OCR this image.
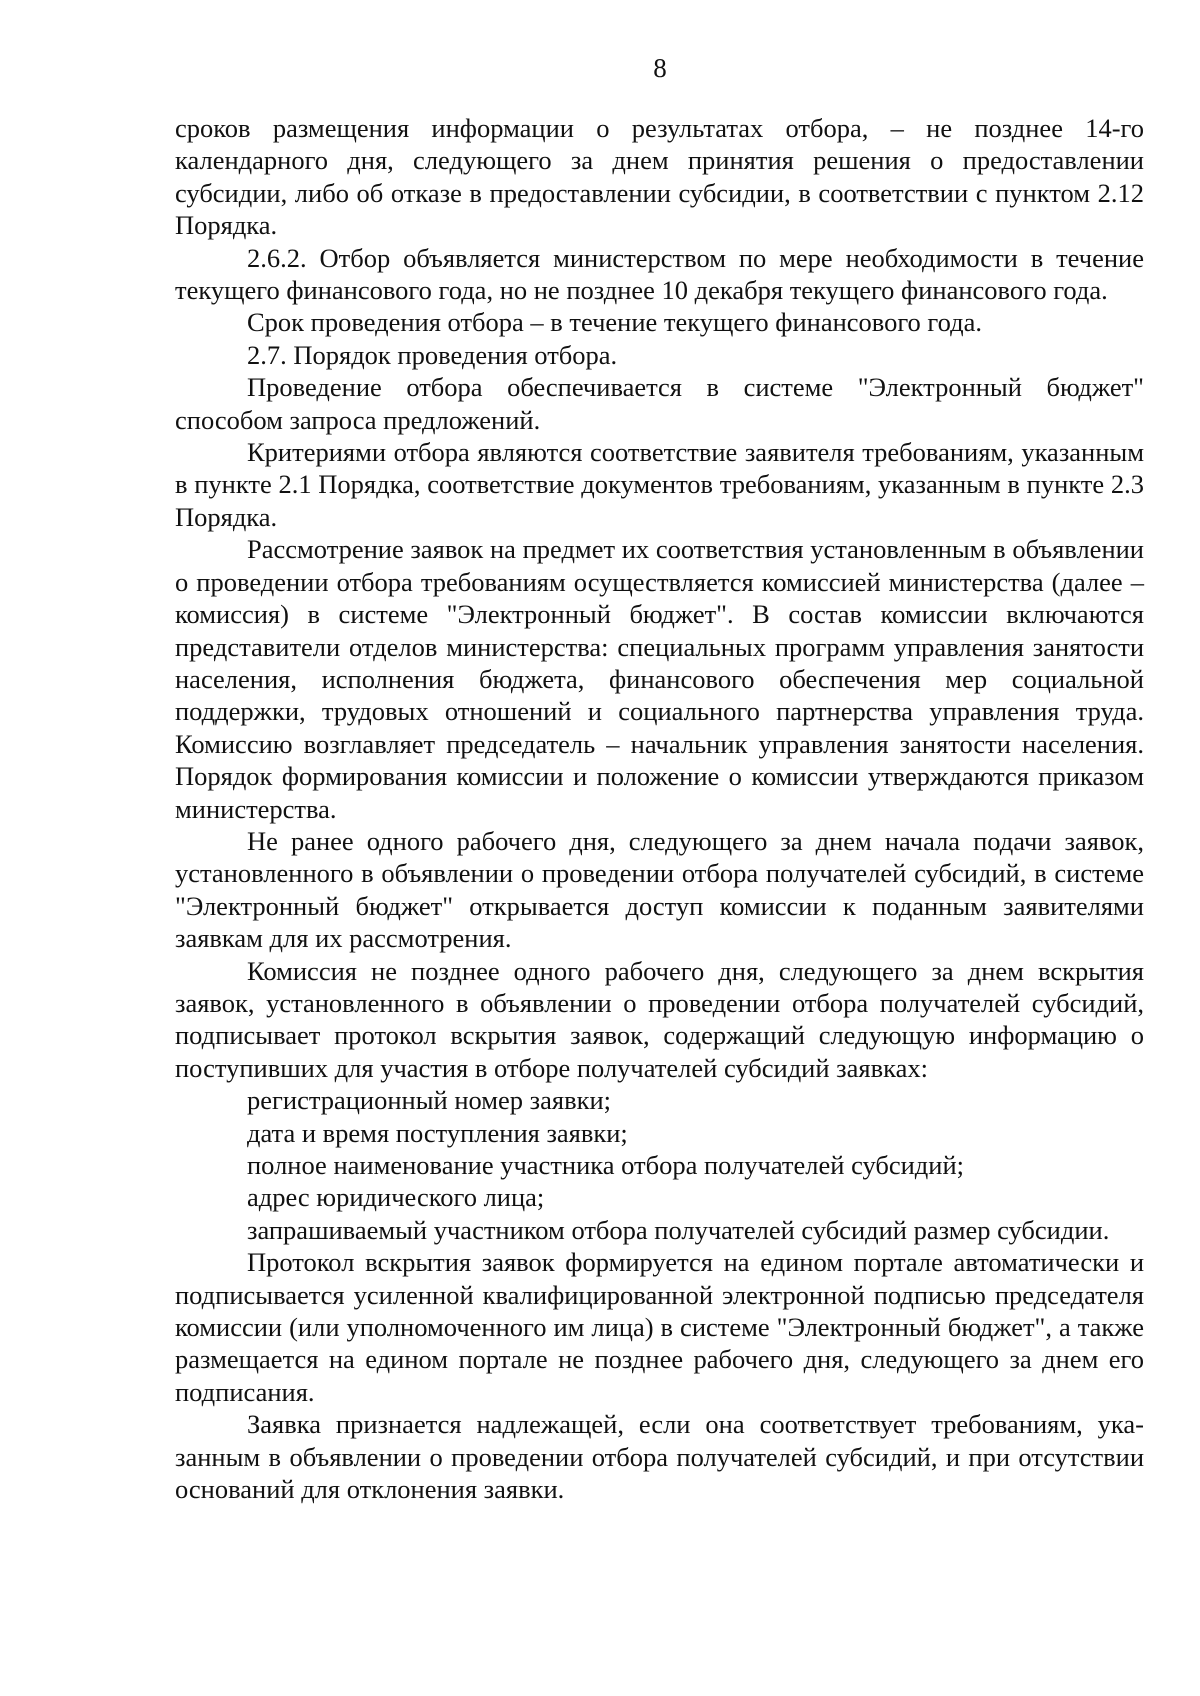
8

сроков размещения информации о результатах отбора, – не позднее 14-го календарного дня, следующего за днем принятия решения о предоставлении субсидии, либо об отказе в предоставлении субсидии, в соответствии с пунктом 2.12 Порядка.

2.6.2. Отбор объявляется министерством по мере необходимости в течение текущего финансового года, но не позднее 10 декабря текущего финансового года.

Срок проведения отбора – в течение текущего финансового года.

2.7. Порядок проведения отбора.

Проведение отбора обеспечивается в системе "Электронный бюджет" способом запроса предложений.

Критериями отбора являются соответствие заявителя требованиям, указанным в пункте 2.1 Порядка, соответствие документов требованиям, указанным в пункте 2.3 Порядка.

Рассмотрение заявок на предмет их соответствия установленным в объявлении о проведении отбора требованиям осуществляется комиссией министерства (далее – комиссия) в системе "Электронный бюджет". В состав комиссии включаются представители отделов министерства: специальных программ управления занятости населения, исполнения бюджета, финансового обеспечения мер социальной поддержки, трудовых отношений и социального партнерства управления труда. Комиссию возглавляет председатель – начальник управления занятости населения. Порядок формирования комиссии и положение о комиссии утверждаются приказом министерства.

Не ранее одного рабочего дня, следующего за днем начала подачи заявок, установленного в объявлении о проведении отбора получателей субсидий, в системе "Электронный бюджет" открывается доступ комиссии к поданным заявителями заявкам для их рассмотрения.

Комиссия не позднее одного рабочего дня, следующего за днем вскрытия заявок, установленного в объявлении о проведении отбора получателей субсидий, подписывает протокол вскрытия заявок, содержащий следующую информацию о поступивших для участия в отборе получателей субсидий заявках:

регистрационный номер заявки;

дата и время поступления заявки;

полное наименование участника отбора получателей субсидий;

адрес юридического лица;

запрашиваемый участником отбора получателей субсидий размер субсидии.

Протокол вскрытия заявок формируется на едином портале автоматически и подписывается усиленной квалифицированной электронной подписью председателя комиссии (или уполномоченного им лица) в системе "Электронный бюджет", а также размещается на едином портале не позднее рабочего дня, следующего за днем его подписания.

Заявка признается надлежащей, если она соответствует требованиям, указанным в объявлении о проведении отбора получателей субсидий, и при отсутствии оснований для отклонения заявки.
